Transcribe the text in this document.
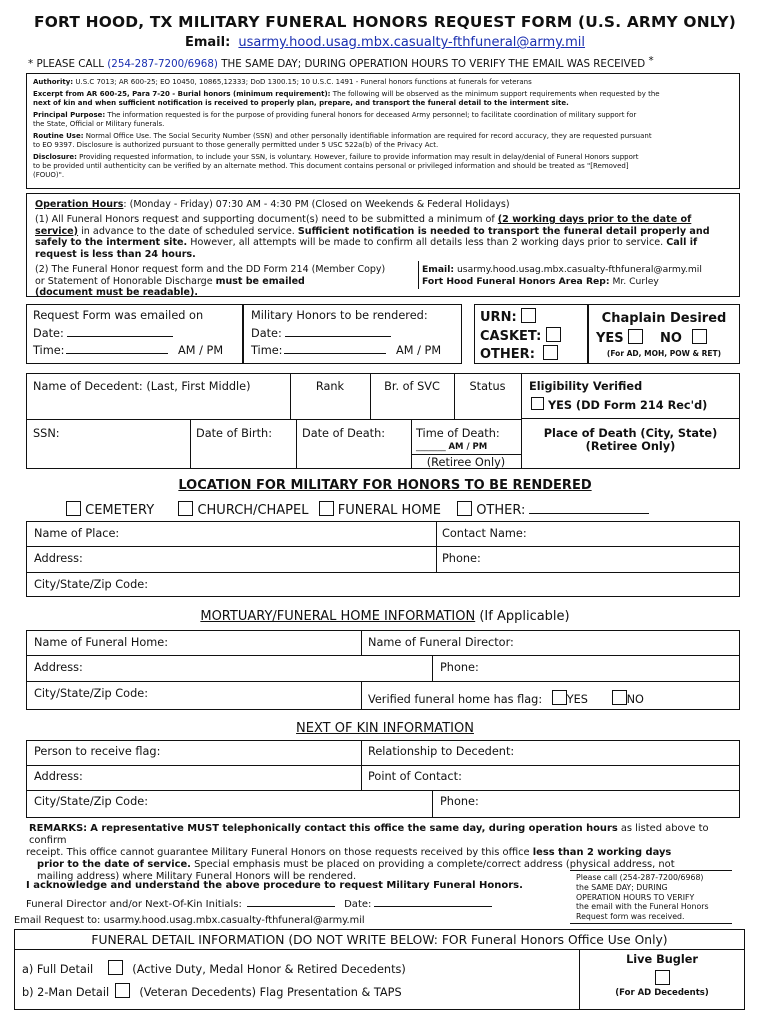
FORT HOOD, TX MILITARY FUNERAL HONORS REQUEST FORM (U.S. ARMY ONLY)
Email: usarmy.hood.usag.mbx.casualty-fthfuneral@army.mil
* PLEASE CALL (254-287-7200/6968) THE SAME DAY; DURING OPERATION HOURS TO VERIFY THE EMAIL WAS RECEIVED *
Authority: U.S.C 7013; AR 600-25; EO 10450, 10865,12333; DoD 1300.15; 10 U.S.C. 1491 - Funeral honors functions at funerals for veterans
Excerpt from AR 600-25, Para 7-20 - Burial honors (minimum requirement): The following will be observed as the minimum support requirements when requested by the
next of kin and when sufficient notification is received to properly plan, prepare, and transport the funeral detail to the interment site.
Principal Purpose: The information requested is for the purpose of providing funeral honors for deceased Army personnel; to facilitate coordination of military support for
the State, Official or Military funerals.
Routine Use: Normal Office Use. The Social Security Number (SSN) and other personally identifiable information are required for record accuracy, they are requested pursuant
to EO 9397. Disclosure is authorized pursuant to those generally permitted under 5 USC 522a(b) of the Privacy Act.
Disclosure: Providing requested information, to include your SSN, is voluntary. However, failure to provide information may result in delay/denial of Funeral Honors support
to be provided until authenticity can be verified by an alternate method. This document contains personal or privileged information and should be treated as "[Removed]
(FOUO)".
Operation Hours: (Monday - Friday) 07:30 AM - 4:30 PM (Closed on Weekends & Federal Holidays)
(1) All Funeral Honors request and supporting document(s) need to be submitted a minimum of (2 working days prior to the date of service) in advance to the date of scheduled service. Sufficient notification is needed to transport the funeral detail properly and safely to the interment site. However, all attempts will be made to confirm all details less than 2 working days prior to service. Call if request is less than 24 hours.
(2) The Funeral Honor request form and the DD Form 214 (Member Copy)
or Statement of Honorable Discharge must be emailed
(document must be readable).
Email: usarmy.hood.usag.mbx.casualty-fthfuneral@army.mil
Fort Hood Funeral Honors Area Rep: Mr. Curley
Request Form was emailed on
Date:
Time:	AM / PM
Military Honors to be rendered:
Date:
Time:	AM / PM
URN:
CASKET:
OTHER:
Chaplain Desired
YES	NO
(For AD, MOH, POW & RET)
Name of Decedent: (Last, First Middle)	Rank	Br. of SVC	Status	Eligibility Verified
YES (DD Form 214 Rec'd)
SSN:	Date of Birth:	Date of Death:	Time of Death:
_______ AM / PM
(Retiree Only)
Place of Death (City, State)
(Retiree Only)
LOCATION FOR MILITARY FOR HONORS TO BE RENDERED
CEMETERY	CHURCH/CHAPEL FUNERAL HOME	OTHER:
Name of Place:	Contact Name:
Address:	Phone:
City/State/Zip Code:
MORTUARY/FUNERAL HOME INFORMATION (If Applicable)
Name of Funeral Home:	Name of Funeral Director:
Address:	Phone:
City/State/Zip Code:	Verified funeral home has flag: YES	NO
NEXT OF KIN INFORMATION
Person to receive flag:	Relationship to Decedent:
Address:	Point of Contact:
City/State/Zip Code:	Phone:
REMARKS: A representative MUST telephonically contact this office the same day, during operation hours as listed above to confirm
receipt. This office cannot guarantee Military Funeral Honors on those requests received by this office less than 2 working days
prior to the date of service. Special emphasis must be placed on providing a complete/correct address (physical address, not
mailing address) where Military Funeral Honors will be rendered.
I acknowledge and understand the above procedure to request Military Funeral Honors.
Funeral Director and/or Next-Of-Kin Initials:	Date:
Email Request to: usarmy.hood.usag.mbx.casualty-fthfuneral@army.mil
Please call (254-287-7200/6968)
the SAME DAY; DURING
OPERATION HOURS TO VERIFY
the email with the Funeral Honors
Request form was received.
FUNERAL DETAIL INFORMATION (DO NOT WRITE BELOW: FOR Funeral Honors Office Use Only)
a) Full Detail	(Active Duty, Medal Honor & Retired Decedents)
b) 2-Man Detail	(Veteran Decedents) Flag Presentation & TAPS
Live Bugler
(For AD Decedents)
